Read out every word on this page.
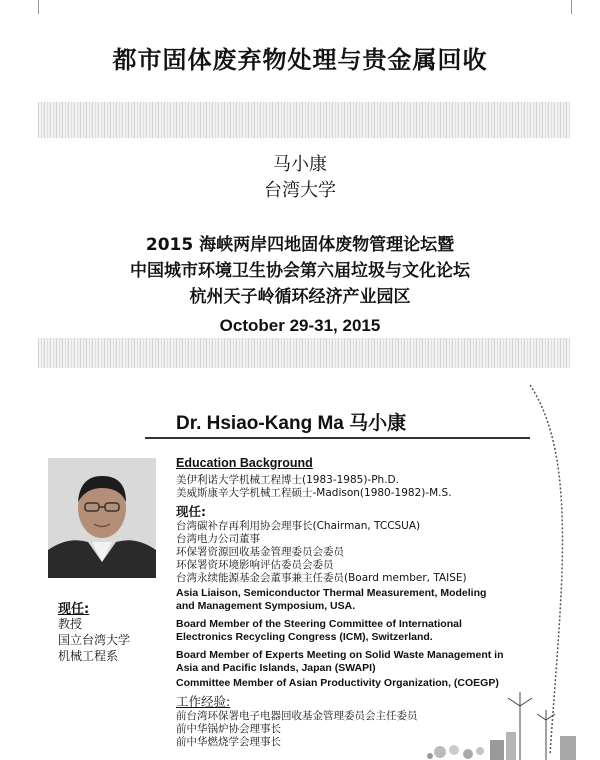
都市固体废弃物处理与贵金属回收
马小康
台湾大学
2015 海峡两岸四地固体废物管理论坛暨
中国城市环境卫生协会第六届垃圾与文化论坛
杭州天子岭循环经济产业园区
October 29-31, 2015
Dr. Hsiao-Kang Ma 马小康
现任:
教授
国立台湾大学
机械工程系
Education Background
美伊利诺大学机械工程博士(1983-1985)-Ph.D.
美威斯康辛大学机械工程硕士-Madison(1980-1982)-M.S.
现任:
台湾碳补存再利用协会理事长(Chairman, TCCSUA)
台湾电力公司董事
环保署资源回收基金管理委员会委员
环保署资环境影响评估委员会委员
台湾永续能源基金会董事兼主任委员(Board member, TAISE)
Asia Liaison, Semiconductor Thermal Measurement, Modeling
and Management Symposium, USA.
Board Member of the Steering Committee of International
Electronics Recycling Congress (ICM), Switzerland.
Board Member of Experts Meeting on Solid Waste Management in
Asia and Pacific Islands, Japan (SWAPI)
Committee Member of Asian Productivity Organization, (COEGP)
工作经验:
前台湾环保署电子电器回收基金管理委员会主任委员
前中华锅炉协会理事长
前中华燃烧学会理事长
